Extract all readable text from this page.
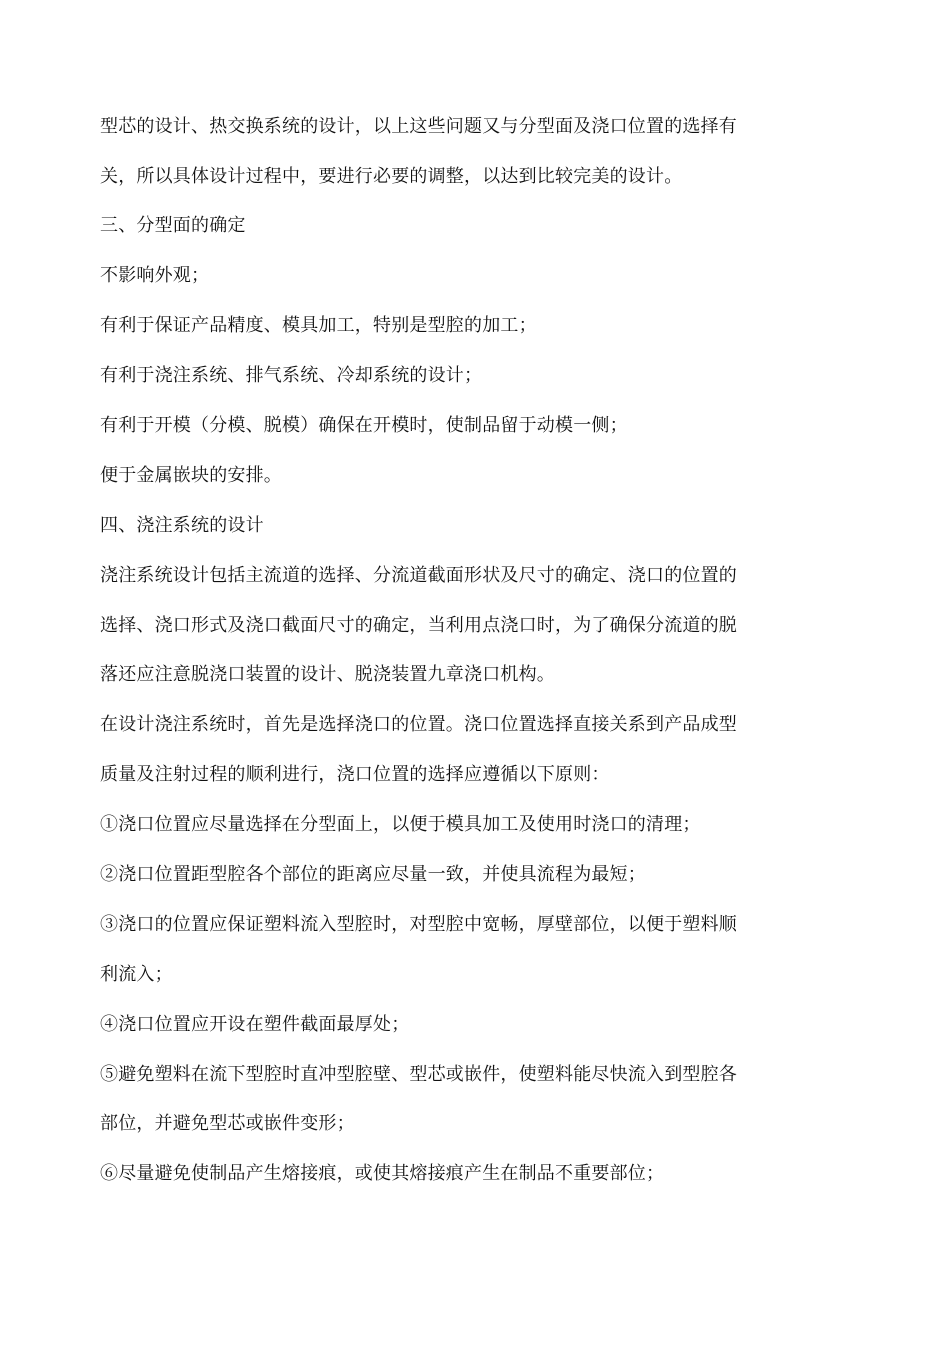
型芯的设计、热交换系统的设计，以上这些问题又与分型面及浇口位置的选择有
关，所以具体设计过程中，要进行必要的调整，以达到比较完美的设计。
三、分型面的确定
不影响外观；
有利于保证产品精度、模具加工，特别是型腔的加工；
有利于浇注系统、排气系统、冷却系统的设计；
有利于开模（分模、脱模）确保在开模时，使制品留于动模一侧；
便于金属嵌块的安排。
四、浇注系统的设计
浇注系统设计包括主流道的选择、分流道截面形状及尺寸的确定、浇口的位置的
选择、浇口形式及浇口截面尺寸的确定，当利用点浇口时，为了确保分流道的脱
落还应注意脱浇口装置的设计、脱浇装置九章浇口机构。
在设计浇注系统时，首先是选择浇口的位置。浇口位置选择直接关系到产品成型
质量及注射过程的顺利进行，浇口位置的选择应遵循以下原则：
①浇口位置应尽量选择在分型面上，以便于模具加工及使用时浇口的清理；
②浇口位置距型腔各个部位的距离应尽量一致，并使具流程为最短；
③浇口的位置应保证塑料流入型腔时，对型腔中宽畅，厚壁部位，以便于塑料顺
利流入；
④浇口位置应开设在塑件截面最厚处；
⑤避免塑料在流下型腔时直冲型腔壁、型芯或嵌件，使塑料能尽快流入到型腔各
部位，并避免型芯或嵌件变形；
⑥尽量避免使制品产生熔接痕，或使其熔接痕产生在制品不重要部位；
